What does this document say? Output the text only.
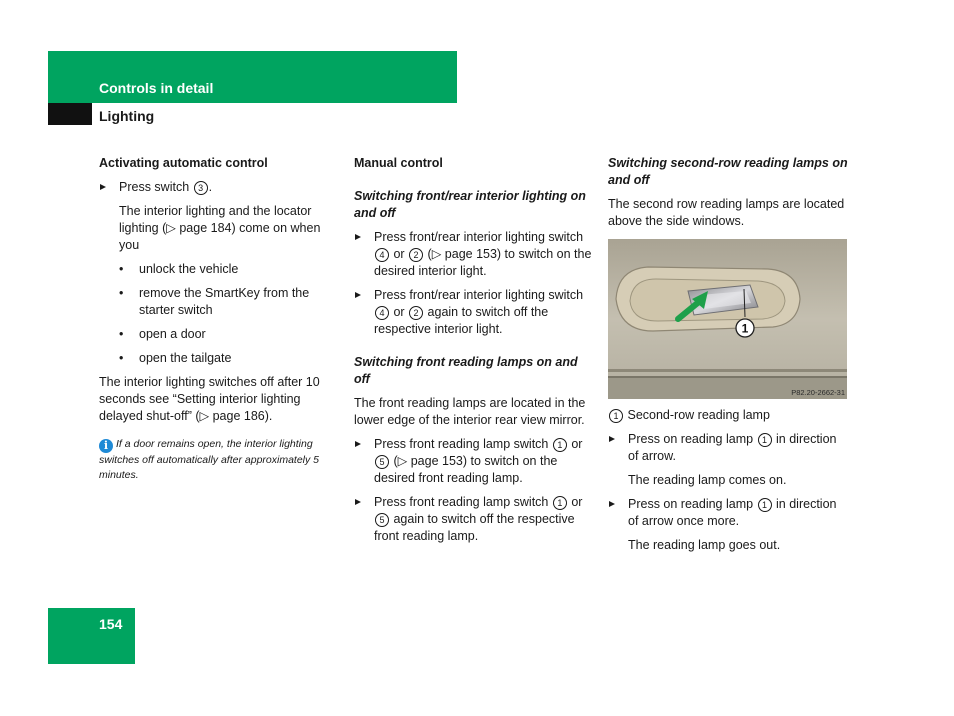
Controls in detail
Lighting
Activating automatic control
Press switch 3 .
The interior lighting and the locator lighting (▷ page 184) come on when you
• unlock the vehicle
• remove the SmartKey from the starter switch
• open a door
• open the tailgate
The interior lighting switches off after 10 seconds see “Setting interior lighting delayed shut-off” (▷ page 186).
i If a door remains open, the interior lighting switches off automatically after approximately 5 minutes.
Manual control
Switching front/rear interior lighting on and off
Press front/rear interior lighting switch 4 or 2 (▷ page 153) to switch on the desired interior light.
Press front/rear interior lighting switch 4 or 2 again to switch off the respective interior light.
Switching front reading lamps on and off
The front reading lamps are located in the lower edge of the interior rear view mirror.
Press front reading lamp switch 1 or 5 (▷ page 153) to switch on the desired front reading lamp.
Press front reading lamp switch 1 or 5 again to switch off the respective front reading lamp.
Switching second-row reading lamps on and off
The second row reading lamps are located above the side windows.
1
P82.20-2662-31
1 Second-row reading lamp
Press on reading lamp 1 in direction of arrow.
The reading lamp comes on.
Press on reading lamp 1 in direction of arrow once more.
The reading lamp goes out.
154
